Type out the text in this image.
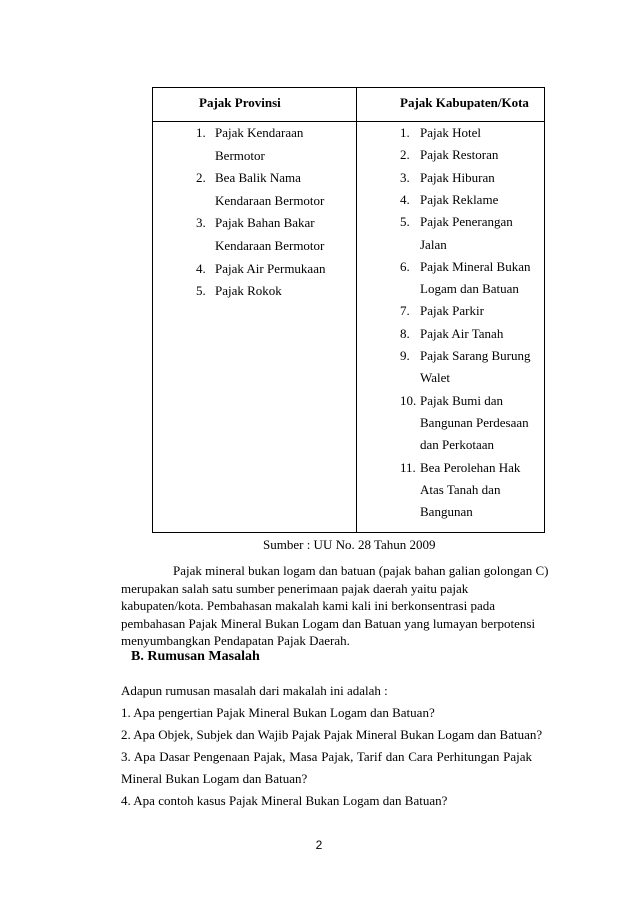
Pajak Provinsi	Pajak Kabupaten/Kota
1. Pajak Kendaraan
Bermotor
2. Bea Balik Nama
Kendaraan Bermotor
3. Pajak Bahan Bakar
Kendaraan Bermotor
4. Pajak Air Permukaan
5. Pajak Rokok
1. Pajak Hotel
2. Pajak Restoran
3. Pajak Hiburan
4. Pajak Reklame
5. Pajak Penerangan
Jalan
6. Pajak Mineral Bukan
Logam dan Batuan
7. Pajak Parkir
8. Pajak Air Tanah
9. Pajak Sarang Burung
Walet
10. Pajak Bumi dan
Bangunan Perdesaan
dan Perkotaan
11. Bea Perolehan Hak
Atas Tanah dan
Bangunan
Sumber : UU No. 28 Tahun 2009
Pajak mineral bukan logam dan batuan (pajak bahan galian golongan C)
merupakan salah satu sumber penerimaan pajak daerah yaitu pajak
kabupaten/kota. Pembahasan makalah kami kali ini berkonsentrasi pada
pembahasan Pajak Mineral Bukan Logam dan Batuan yang lumayan berpotensi
menyumbangkan Pendapatan Pajak Daerah.
B. Rumusan Masalah
Adapun rumusan masalah dari makalah ini adalah :
1. Apa pengertian Pajak Mineral Bukan Logam dan Batuan?
2. Apa Objek, Subjek dan Wajib Pajak Pajak Mineral Bukan Logam dan Batuan?
3. Apa Dasar Pengenaan Pajak, Masa Pajak, Tarif dan Cara Perhitungan Pajak
Mineral Bukan Logam dan Batuan?
4. Apa contoh kasus Pajak Mineral Bukan Logam dan Batuan?
2
